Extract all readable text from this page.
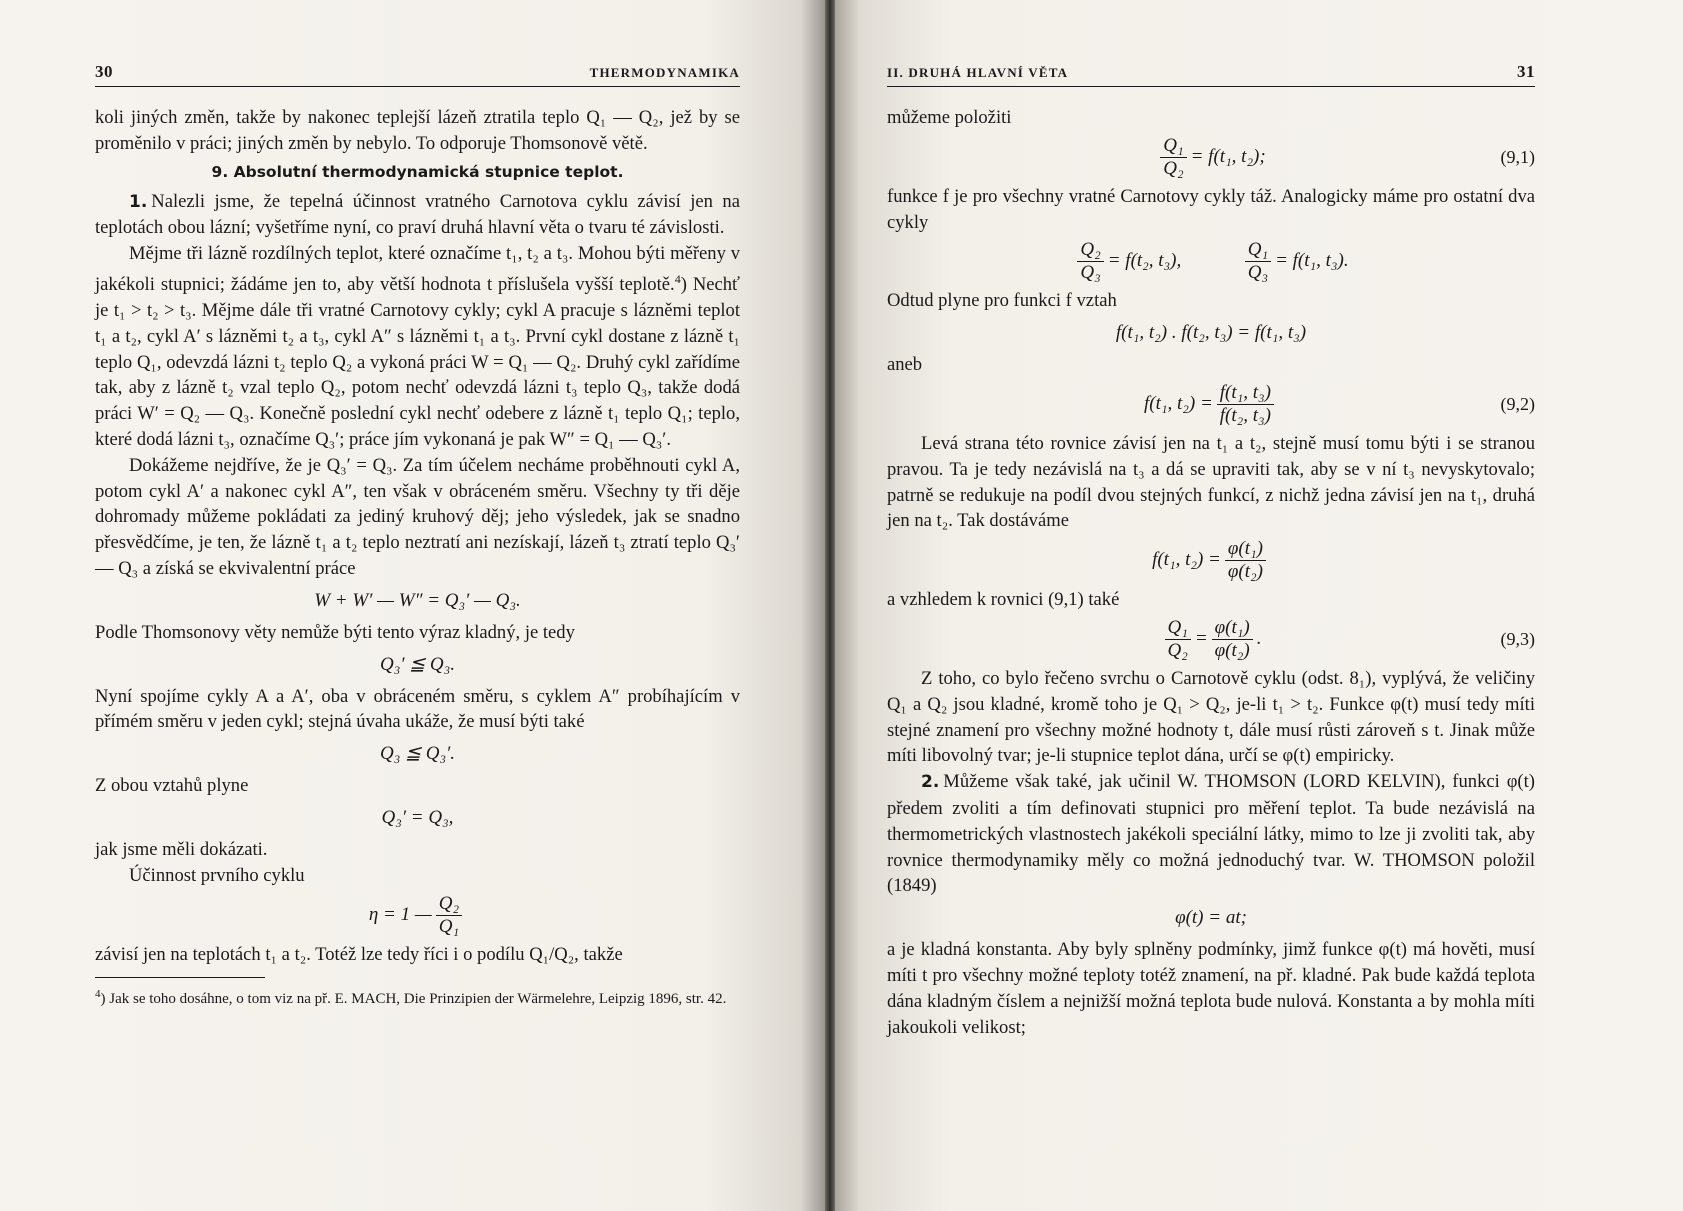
30	THERMODYNAMIKA

koli jiných změn, takže by nakonec teplejší lázeň ztratila teplo Q₁ — Q₂, jež by se proměnilo v práci; jiných změn by nebylo. To odporuje Thomsonově větě.

9. Absolutní thermodynamická stupnice teplot.

1. Nalezli jsme, že tepelná účinnost vratného Carnotova cyklu závisí jen na teplotách obou lázní; vyšetříme nyní, co praví druhá hlavní věta o tvaru té závislosti.

Mějme tři lázně rozdílných teplot, které označíme t₁, t₂ a t₃. Mohou býti měřeny v jakékoli stupnici; žádáme jen to, aby větší hodnota t příslušela vyšší teplotě.$^4$) Nechť je t₁ > t₂ > t₃. Mějme dále tři vratné Carnotovy cykly; cykl A pracuje s lázněmi teplot t₁ a t₂, cykl A′ s lázněmi t₂ a t₃, cykl A″ s lázněmi t₁ a t₃. První cykl dostane z lázně t₁ teplo Q₁, odevzdá lázni t₂ teplo Q₂ a vykoná práci W = Q₁ — Q₂. Druhý cykl zařídíme tak, aby z lázně t₂ vzal teplo Q₂, potom nechť odevzdá lázni t₃ teplo Q₃, takže dodá práci W′ = Q₂ — Q₃. Konečně poslední cykl nechť odebere z lázně t₁ teplo Q₁; teplo, které dodá lázni t₃, označíme Q₃′; práce jím vykonaná je pak W″ = Q₁ — Q₃′.

Dokážeme nejdříve, že je Q₃′ = Q₃. Za tím účelem necháme proběhnouti cykl A, potom cykl A′ a nakonec cykl A″, ten však v obráceném směru. Všechny ty tři děje dohromady můžeme pokládati za jediný kruhový děj; jeho výsledek, jak se snadno přesvědčíme, je ten, že lázně t₁ a t₂ teplo neztratí ani nezískají, lázeň t₃ ztratí teplo Q₃′ — Q₃ a získá se ekvivalentní práce

W + W′ — W″ = Q₃′ — Q₃.

Podle Thomsonovy věty nemůže býti tento výraz kladný, je tedy

Q₃′ ≦ Q₃.

Nyní spojíme cykly A a A′, oba v obráceném směru, s cyklem A″ probíhajícím v přímém směru v jeden cykl; stejná úvaha ukáže, že musí býti také

Q₃ ≦ Q₃′.

Z obou vztahů plyne

Q₃′ = Q₃,

jak jsme měli dokázati.

Účinnost prvního cyklu

η = 1 — $\frac{\text{Q₂}}{\text{Q₁}}$

závisí jen na teplotách t₁ a t₂. Totéž lze tedy říci i o podílu Q₁/Q₂, takže

$^4$) Jak se toho dosáhne, o tom viz na př. E. MACH, Die Prinzipien der Wärmelehre, Leipzig 1896, str. 42.
II. DRUHÁ HLAVNÍ VĚTA	31

můžeme položiti

$\frac{\text{Q₁}}{\text{Q₂}} = f(t_1$, t₂);	(9,1)

funkce f je pro všechny vratné Carnotovy cykly táž. Analogicky máme pro ostatní dva cykly

$\frac{\text{Q₂}}{\text{Q₃}} = f(t_2$, t₃),	$\frac{\text{Q₁}}{\text{Q₃}} = f(t_1$, t₃).

Odtud plyne pro funkci f vztah

f(t₁, t₂) . f(t₂, t₃) = f(t₁, t₃)

aneb

f(t₁, $t_2) = \frac{\text{f(t₁, t₃)}}{\text{f(t₂, t₃)}}$	(9,2)

Levá strana této rovnice závisí jen na t₁ a t₂, stejně musí tomu býti i se stranou pravou. Ta je tedy nezávislá na t₃ a dá se upraviti tak, aby se v ní t₃ nevyskytovalo; patrně se redukuje na podíl dvou stejných funkcí, z nichž jedna závisí jen na t₁, druhá jen na t₂. Tak dostáváme

f(t₁, $t_2) = \frac{\text{φ(t₁)}}{\text{φ(t₂)}}$

a vzhledem k rovnici (9,1) také

$\frac{\text{Q₁}}{\text{Q₂}} = \frac{\text{φ(t₁)}}{\text{φ(t₂)}}$ .	(9,3)

Z toho, co bylo řečeno svrchu o Carnotově cyklu (odst. 8₁), vyplývá, že veličiny Q₁ a Q₂ jsou kladné, kromě toho je Q₁ > Q₂, je-li t₁ > t₂. Funkce φ(t) musí tedy míti stejné znamení pro všechny možné hodnoty t, dále musí růsti zároveň s t. Jinak může míti libovolný tvar; je-li stupnice teplot dána, určí se φ(t) empiricky.

2. Můžeme však také, jak učinil W. THOMSON (LORD KELVIN), funkci φ(t) předem zvoliti a tím definovati stupnici pro měření teplot. Ta bude nezávislá na thermometrických vlastnostech jakékoli speciální látky, mimo to lze ji zvoliti tak, aby rovnice thermodynamiky měly co možná jednoduchý tvar. W. THOMSON položil (1849)

φ(t) = at;

a je kladná konstanta. Aby byly splněny podmínky, jimž funkce φ(t) má hověti, musí míti t pro všechny možné teploty totéž znamení, na př. kladné. Pak bude každá teplota dána kladným číslem a nejnižší možná teplota bude nulová. Konstanta a by mohla míti jakoukoli velikost;
